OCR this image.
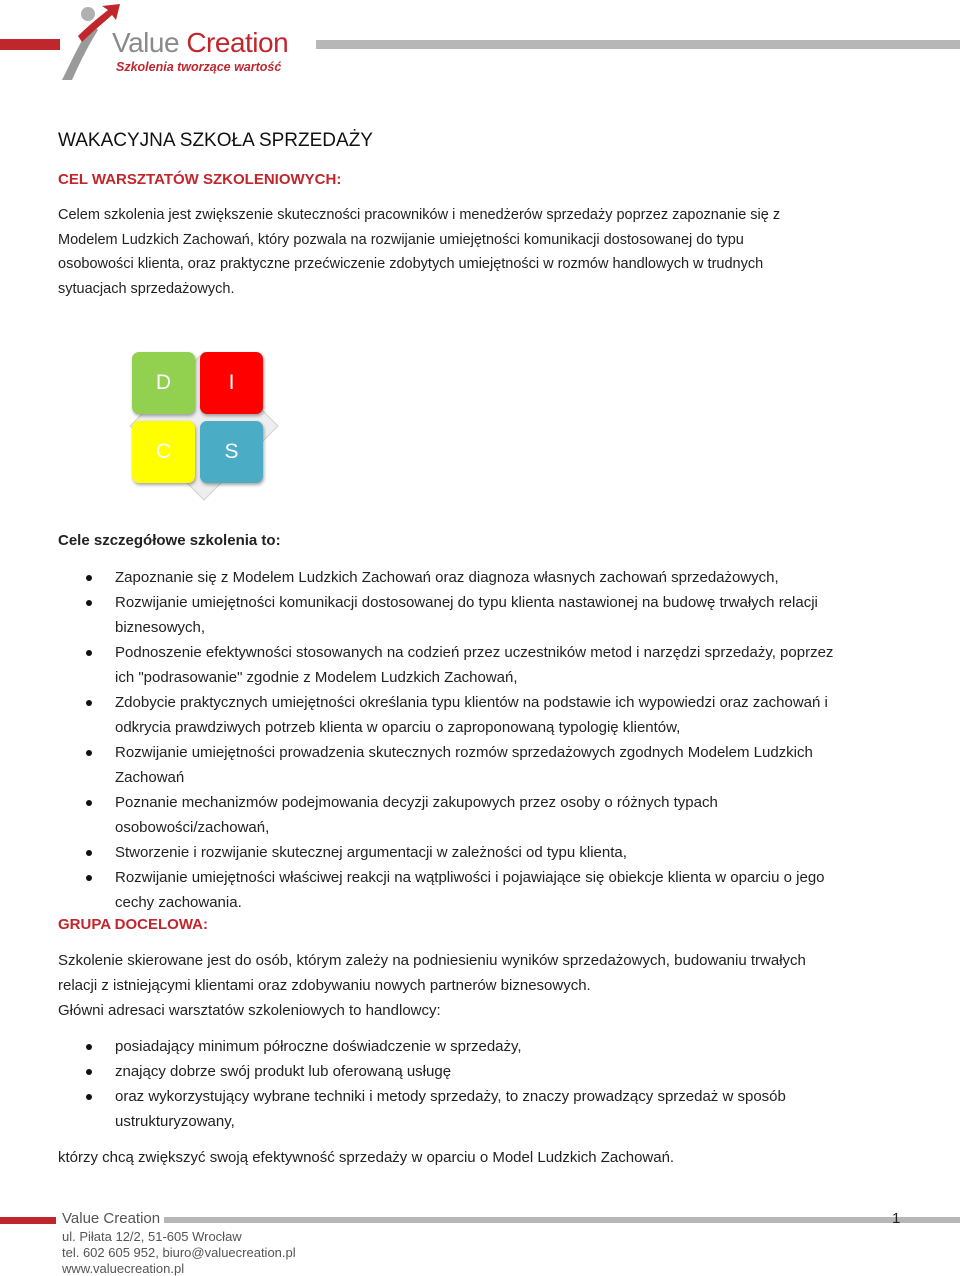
Value Creation
Szkolenia tworzące wartość
WAKACYJNA SZKOŁA SPRZEDAŻY
CEL WARSZTATÓW SZKOLENIOWYCH:
Celem szkolenia jest zwiększenie skuteczności pracowników i menedżerów sprzedaży poprzez zapoznanie się z
Modelem Ludzkich Zachowań, który pozwala na rozwijanie umiejętności komunikacji dostosowanej do typu
osobowości klienta, oraz praktyczne przećwiczenie zdobytych umiejętności w rozmów handlowych w trudnych
sytuacjach sprzedażowych.
D	I
C	S
Cele szczegółowe szkolenia to:
Zapoznanie się z Modelem Ludzkich Zachowań oraz diagnoza własnych zachowań sprzedażowych,
Rozwijanie umiejętności komunikacji dostosowanej do typu klienta nastawionej na budowę trwałych relacji
biznesowych,
Podnoszenie efektywności stosowanych na codzień przez uczestników metod i narzędzi sprzedaży, poprzez
ich "podrasowanie" zgodnie z Modelem Ludzkich Zachowań,
Zdobycie praktycznych umiejętności określania typu klientów na podstawie ich wypowiedzi oraz zachowań i
odkrycia prawdziwych potrzeb klienta w oparciu o zaproponowaną typologię klientów,
Rozwijanie umiejętności prowadzenia skutecznych rozmów sprzedażowych zgodnych Modelem Ludzkich
Zachowań
Poznanie mechanizmów podejmowania decyzji zakupowych przez osoby o różnych typach
osobowości/zachowań,
Stworzenie i rozwijanie skutecznej argumentacji w zależności od typu klienta,
Rozwijanie umiejętności właściwej reakcji na wątpliwości i pojawiające się obiekcje klienta w oparciu o jego
cechy zachowania.
GRUPA DOCELOWA:
Szkolenie skierowane jest do osób, którym zależy na podniesieniu wyników sprzedażowych, budowaniu trwałych
relacji z istniejącymi klientami oraz zdobywaniu nowych partnerów biznesowych.
Główni adresaci warsztatów szkoleniowych to handlowcy:
posiadający minimum półroczne doświadczenie w sprzedaży,
znający dobrze swój produkt lub oferowaną usługę
oraz wykorzystujący wybrane techniki i metody sprzedaży, to znaczy prowadzący sprzedaż w sposób
ustrukturyzowany,
którzy chcą zwiększyć swoją efektywność sprzedaży w oparciu o Model Ludzkich Zachowań.
Value Creation
ul. Piłata 12/2, 51-605 Wrocław
tel. 602 605 952, biuro@valuecreation.pl
www.valuecreation.pl
1
